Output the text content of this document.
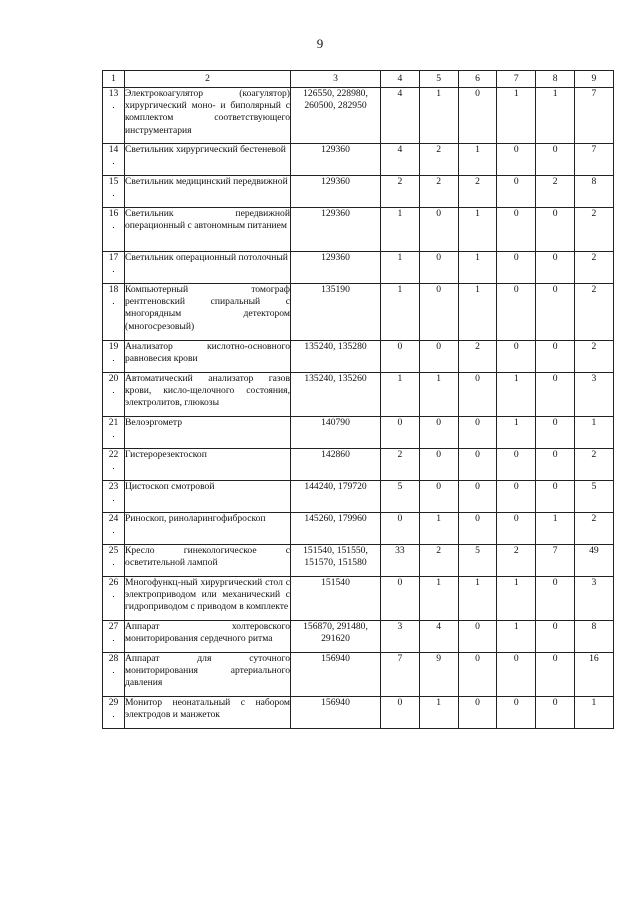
9
1	2	3	4	5	6	7	8	9

13
.	Электрокоагулятор (коагулятор) хирургический моно- и биполярный с комплектом соответствующего инструментария	126550, 228980, 260500, 282950	4	1	0	1	1	7

14
.	Светильник хирургический бестеневой	129360	4	2	1	0	0	7

15
.	Светильник медицинский передвижной	129360	2	2	2	0	2	8

16
.	Светильник передвижной операционный с автономным питанием	129360	1	0	1	0	0	2

17
.	Светильник операционный потолочный	129360	1	0	1	0	0	2

18
.	Компьютерный томограф рентгеновский спиральный с многорядным детектором (многосрезовый)	135190	1	0	1	0	0	2

19
.	Анализатор кислотно-основного равновесия крови	135240, 135280	0	0	2	0	0	2

20
.	Автоматический анализатор газов крови, кисло-щелочного состояния, электролитов, глюкозы	135240, 135260	1	1	0	1	0	3

21
.	Велоэргометр	140790	0	0	0	1	0	1

22
.	Гистерорезектоскоп	142860	2	0	0	0	0	2

23
.	Цистоскоп смотровой	144240, 179720	5	0	0	0	0	5

24
.	Риноскоп, риноларингофиброскоп	145260, 179960	0	1	0	0	1	2

25
.	Кресло гинекологическое с осветительной лампой	151540, 151550, 151570, 151580	33	2	5	2	7	49

26
.	Многофункц-ный хирургический стол с электроприводом или механический с гидроприводом с приводом в комплекте	151540	0	1	1	1	0	3

27
.	Аппарат холтеровского мониторирования сердечного ритма	156870, 291480, 291620	3	4	0	1	0	8

28
.	Аппарат для суточного мониторирования артериального давления	156940	7	9	0	0	0	16

29
.	Монитор неонатальный с набором электродов и манжеток	156940	0	1	0	0	0	1
